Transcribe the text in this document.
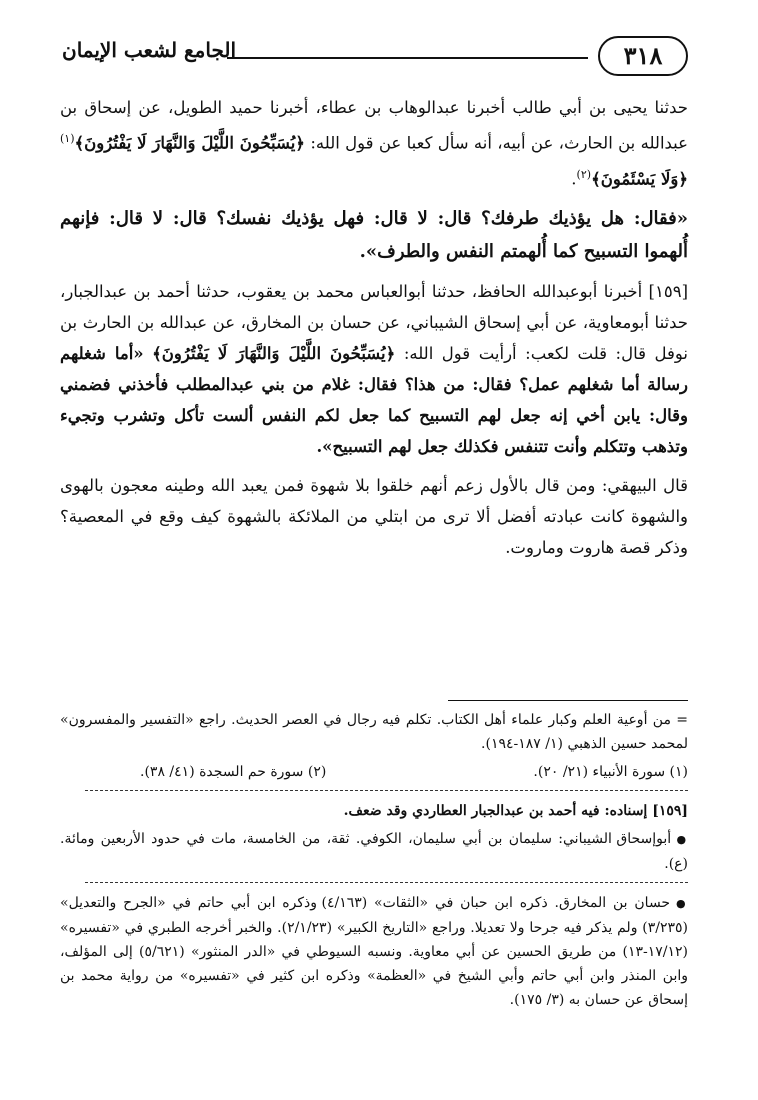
٣١٨
الجامع لشعب الإيمان

حدثنا يحيى بن أبي طالب أخبرنا عبدالوهاب بن عطاء، أخبرنا حميد الطويل، عن إسحاق بن عبدالله بن الحارث، عن أبيه، أنه سأل كعبا عن قول الله: ﴿يُسَبِّحُونَ اللَّيْلَ وَالنَّهَارَ لَا يَفْتُرُونَ﴾$^{(١)}$ ﴿وَلَا يَسْئَمُونَ﴾$^{(٢)}$.

«فقال: هل يؤذيك طرفك؟ قال: لا قال: فهل يؤذيك نفسك؟ قال: لا قال: فإنهم أُلهموا التسبيح كما أُلهمتم النفس والطرف».

[١٥٩] أخبرنا أبوعبدالله الحافظ، حدثنا أبوالعباس محمد بن يعقوب، حدثنا أحمد بن عبدالجبار، حدثنا أبومعاوية، عن أبي إسحاق الشيباني، عن حسان بن المخارق، عن عبدالله بن الحارث بن نوفل قال: قلت لكعب: أرأيت قول الله: ﴿يُسَبِّحُونَ اللَّيْلَ وَالنَّهَارَ لَا يَفْتُرُونَ﴾ «أما شغلهم رسالة أما شغلهم عمل؟ فقال: من هذا؟ فقال: غلام من بني عبدالمطلب فأخذني فضمني وقال: يابن أخي إنه جعل لهم التسبيح كما جعل لكم النفس ألست تأكل وتشرب وتجيء وتذهب وتتكلم وأنت تتنفس فكذلك جعل لهم التسبيح».

قال البيهقي: ومن قال بالأول زعم أنهم خلقوا بلا شهوة فمن يعبد الله وطينه معجون بالهوى والشهوة كانت عبادته أفضل ألا ترى من ابتلي من الملائكة بالشهوة كيف وقع في المعصية؟ وذكر قصة هاروت وماروت.

= من أوعية العلم وكبار علماء أهل الكتاب. تكلم فيه رجال في العصر الحديث. راجع «التفسير والمفسرون» لمحمد حسين الذهبي (١/ ١٨٧-١٩٤).

(١) سورة الأنبياء (٢١/ ٢٠).
(٢) سورة حم السجدة (٤١/ ٣٨).

[١٥٩] إسناده: فيه أحمد بن عبدالجبار العطاردي وقد ضعف.

● أبوإسحاق الشيباني: سليمان بن أبي سليمان، الكوفي. ثقة، من الخامسة، مات في حدود الأربعين ومائة. (ع).

● حسان بن المخارق. ذكره ابن حبان في «الثقات» (٤/١٦٣) وذكره ابن أبي حاتم في «الجرح والتعديل» (٣/٢٣٥) ولم يذكر فيه جرحا ولا تعديلا. وراجع «التاريخ الكبير» (٢/١/٢٣). والخبر أخرجه الطبري في «تفسيره» (١٧/١٢-١٣) من طريق الحسين عن أبي معاوية. ونسبه السيوطي في «الدر المنثور» (٥/٦٢١) إلى المؤلف، وابن المنذر وابن أبي حاتم وأبي الشيخ في «العظمة» وذكره ابن كثير في «تفسيره» من رواية محمد بن إسحاق عن حسان به (٣/ ١٧٥).
